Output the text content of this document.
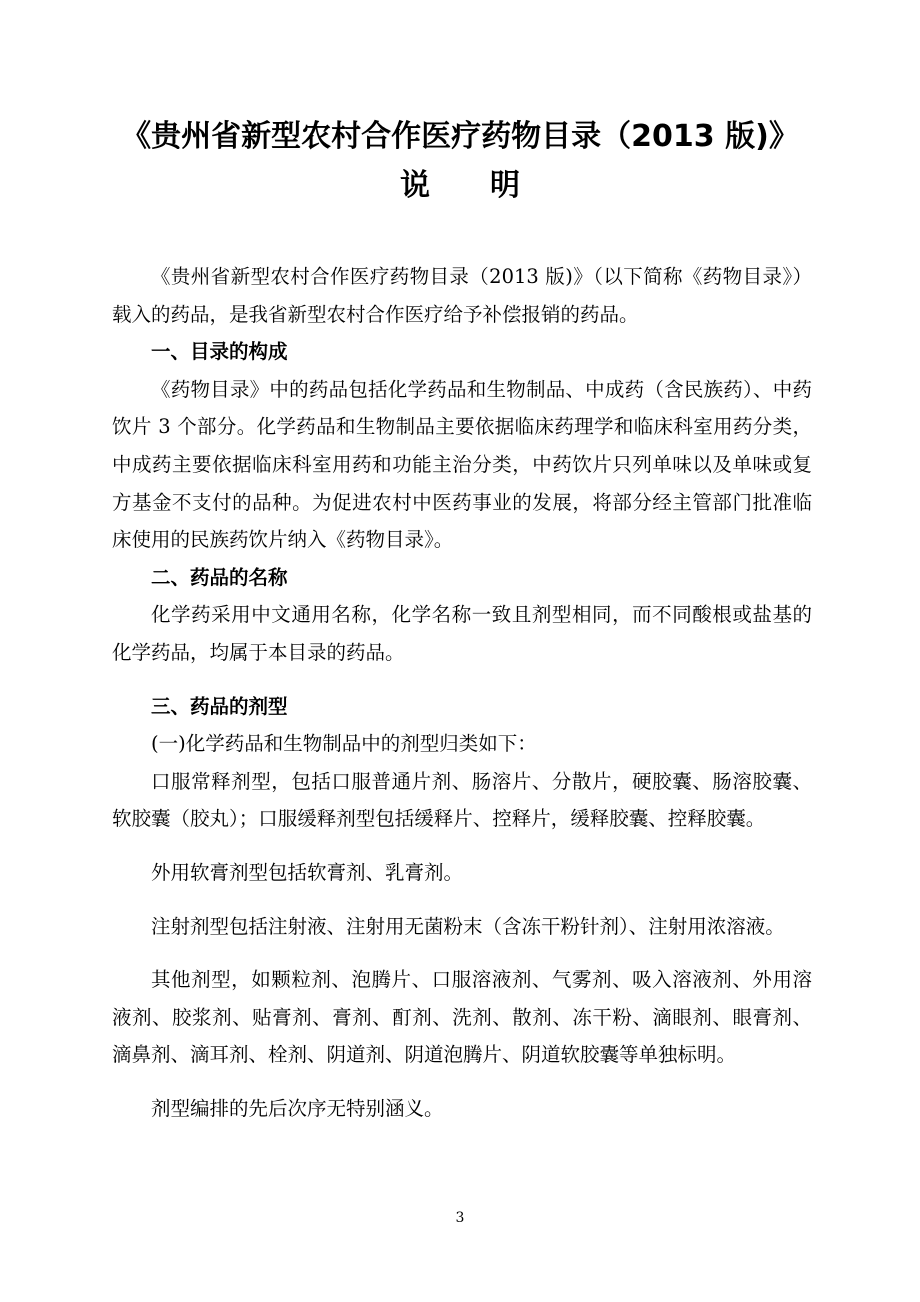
《贵州省新型农村合作医疗药物目录（2013 版)》
说明

《贵州省新型农村合作医疗药物目录（2013 版)》（以下简称《药物目录》）载入的药品，是我省新型农村合作医疗给予补偿报销的药品。

一、目录的构成

《药物目录》中的药品包括化学药品和生物制品、中成药（含民族药）、中药饮片 3 个部分。化学药品和生物制品主要依据临床药理学和临床科室用药分类，中成药主要依据临床科室用药和功能主治分类，中药饮片只列单味以及单味或复方基金不支付的品种。为促进农村中医药事业的发展，将部分经主管部门批准临床使用的民族药饮片纳入《药物目录》。

二、药品的名称

化学药采用中文通用名称，化学名称一致且剂型相同，而不同酸根或盐基的化学药品，均属于本目录的药品。

三、药品的剂型

(一)化学药品和生物制品中的剂型归类如下：

口服常释剂型，包括口服普通片剂、肠溶片、分散片，硬胶囊、肠溶胶囊、软胶囊（胶丸）；口服缓释剂型包括缓释片、控释片，缓释胶囊、控释胶囊。

外用软膏剂型包括软膏剂、乳膏剂。

注射剂型包括注射液、注射用无菌粉末（含冻干粉针剂）、注射用浓溶液。

其他剂型，如颗粒剂、泡腾片、口服溶液剂、气雾剂、吸入溶液剂、外用溶液剂、胶浆剂、贴膏剂、膏剂、酊剂、洗剂、散剂、冻干粉、滴眼剂、眼膏剂、滴鼻剂、滴耳剂、栓剂、阴道剂、阴道泡腾片、阴道软胶囊等单独标明。

剂型编排的先后次序无特别涵义。

3
